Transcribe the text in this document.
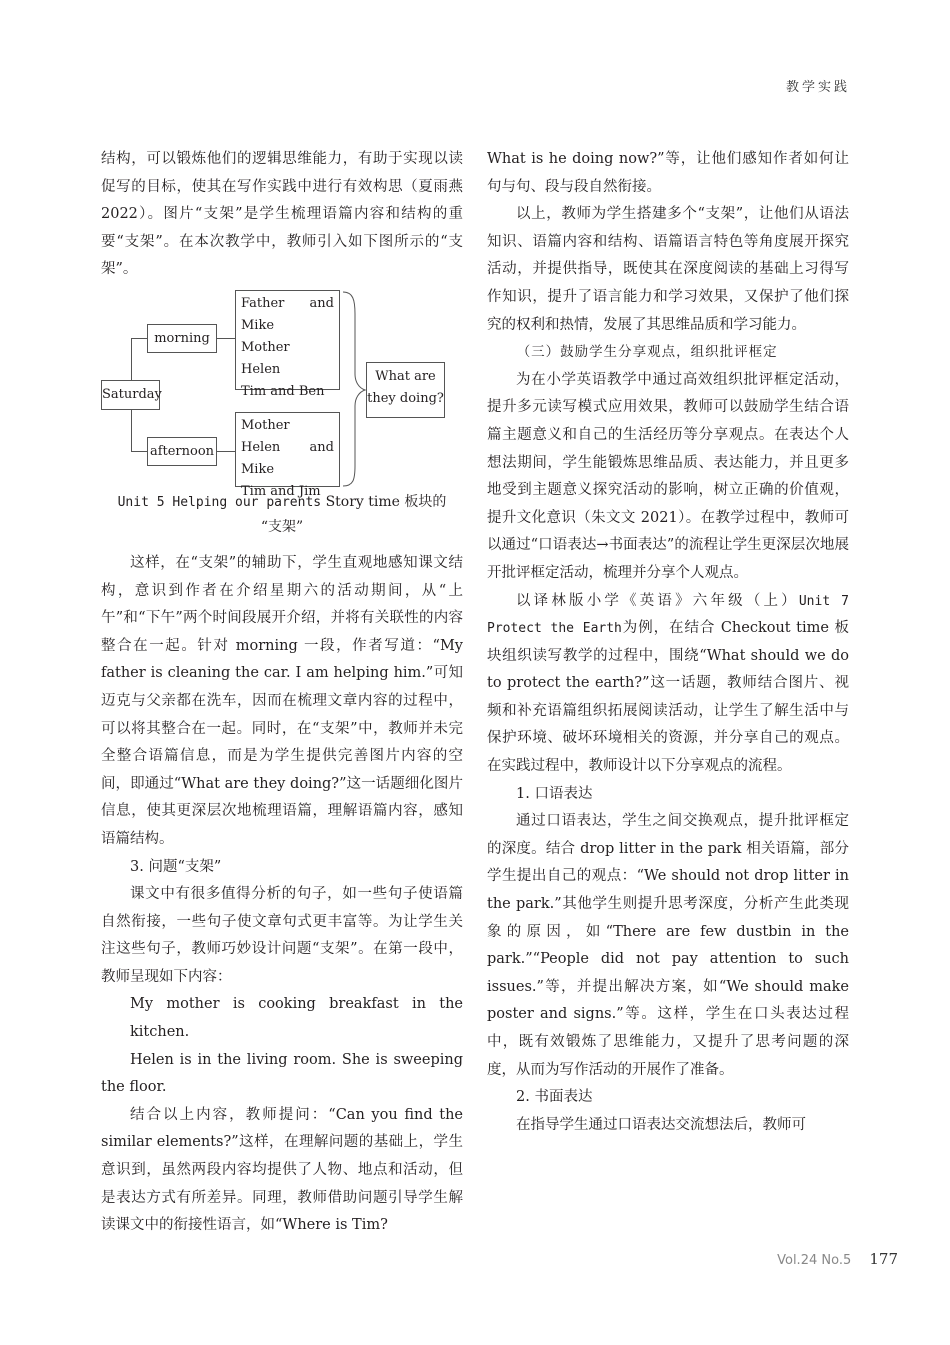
教学实践

结构，可以锻炼他们的逻辑思维能力，有助于实现以读促写的目标，使其在写作实践中进行有效构思（夏雨燕 2022）。图片“支架”是学生梳理语篇内容和结构的重要“支架”。在本次教学中，教师引入如下图所示的“支架”。

Saturday
morning
afternoon
Father and Mike
Mother
Helen
Tim and Ben
Mother
Helen and Mike
Tim and Jim
What are
they doing?
Unit 5 Helping our parents Story time 板块的
“支架”

这样，在“支架”的辅助下，学生直观地感知课文结构，意识到作者在介绍星期六的活动期间，从“上午”和“下午”两个时间段展开介绍，并将有关联性的内容整合在一起。针对 morning 一段，作者写道：“My father is cleaning the car. I am helping him.”可知迈克与父亲都在洗车，因而在梳理文章内容的过程中，可以将其整合在一起。同时，在“支架”中，教师并未完全整合语篇信息，而是为学生提供完善图片内容的空间，即通过“What are they doing?”这一话题细化图片信息，使其更深层次地梳理语篇，理解语篇内容，感知语篇结构。

3. 问题“支架”

课文中有很多值得分析的句子，如一些句子使语篇自然衔接，一些句子使文章句式更丰富等。为让学生关注这些句子，教师巧妙设计问题“支架”。在第一段中，教师呈现如下内容：

My mother is cooking breakfast in the kitchen.

Helen is in the living room. She is sweeping the floor.

结合以上内容，教师提问：“Can you find the similar elements?”这样，在理解问题的基础上，学生意识到，虽然两段内容均提供了人物、地点和活动，但是表达方式有所差异。同理，教师借助问题引导学生解读课文中的衔接性语言，如“Where is Tim?

What is he doing now?”等，让他们感知作者如何让句与句、段与段自然衔接。

以上，教师为学生搭建多个“支架”，让他们从语法知识、语篇内容和结构、语篇语言特色等角度展开探究活动，并提供指导，既使其在深度阅读的基础上习得写作知识，提升了语言能力和学习效果，又保护了他们探究的权利和热情，发展了其思维品质和学习能力。

（三）鼓励学生分享观点，组织批评框定

为在小学英语教学中通过高效组织批评框定活动，提升多元读写模式应用效果，教师可以鼓励学生结合语篇主题意义和自己的生活经历等分享观点。在表达个人想法期间，学生能锻炼思维品质、表达能力，并且更多地受到主题意义探究活动的影响，树立正确的价值观，提升文化意识（朱文文 2021）。在教学过程中，教师可以通过“口语表达→书面表达”的流程让学生更深层次地展开批评框定活动，梳理并分享个人观点。

以译林版小学《英语》六年级（上）Unit 7 Protect the Earth为例，在结合 Checkout time 板块组织读写教学的过程中，围绕“What should we do to protect the earth?”这一话题，教师结合图片、视频和补充语篇组织拓展阅读活动，让学生了解生活中与保护环境、破坏环境相关的资源，并分享自己的观点。在实践过程中，教师设计以下分享观点的流程。

1. 口语表达

通过口语表达，学生之间交换观点，提升批评框定的深度。结合 drop litter in the park 相关语篇，部分学生提出自己的观点：“We should not drop litter in the park.”其他学生则提升思考深度，分析产生此类现象的原因，如“There are few dustbin in the park.”“People did not pay attention to such issues.”等，并提出解决方案，如“We should make poster and signs.”等。这样，学生在口头表达过程中，既有效锻炼了思维能力，又提升了思考问题的深度，从而为写作活动的开展作了准备。

2. 书面表达

在指导学生通过口语表达交流想法后，教师可

Vol.24 No.5 177
